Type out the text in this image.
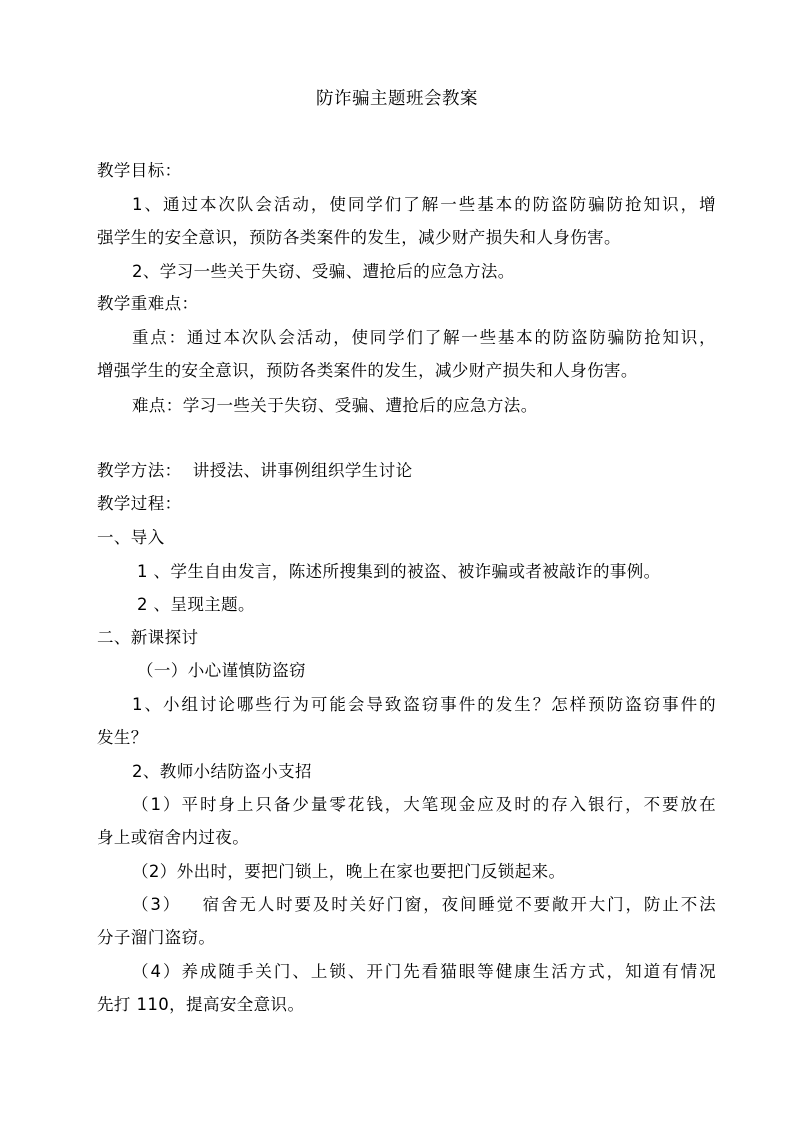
防诈骗主题班会教案
教学目标：
1、通过本次队会活动，使同学们了解一些基本的防盗防骗防抢知识，增
强学生的安全意识，预防各类案件的发生，减少财产损失和人身伤害。
2、学习一些关于失窃、受骗、遭抢后的应急方法。
教学重难点：
重点：通过本次队会活动，使同学们了解一些基本的防盗防骗防抢知识，
增强学生的安全意识，预防各类案件的发生，减少财产损失和人身伤害。
难点：学习一些关于失窃、受骗、遭抢后的应急方法。
教学方法：  讲授法、讲事例组织学生讨论
教学过程：
一、导入
1 、学生自由发言，陈述所搜集到的被盗、被诈骗或者被敲诈的事例。
2 、呈现主题。
二、新课探讨
（一）小心谨慎防盗窃
1、小组讨论哪些行为可能会导致盗窃事件的发生？怎样预防盗窃事件的
发生？
2、教师小结防盗小支招
（1）平时身上只备少量零花钱，大笔现金应及时的存入银行，不要放在
身上或宿舍内过夜。
（2）外出时，要把门锁上，晚上在家也要把门反锁起来。
（3）   宿舍无人时要及时关好门窗，夜间睡觉不要敞开大门，防止不法
分子溜门盗窃。
（4）养成随手关门、上锁、开门先看猫眼等健康生活方式，知道有情况
先打 110，提高安全意识。
